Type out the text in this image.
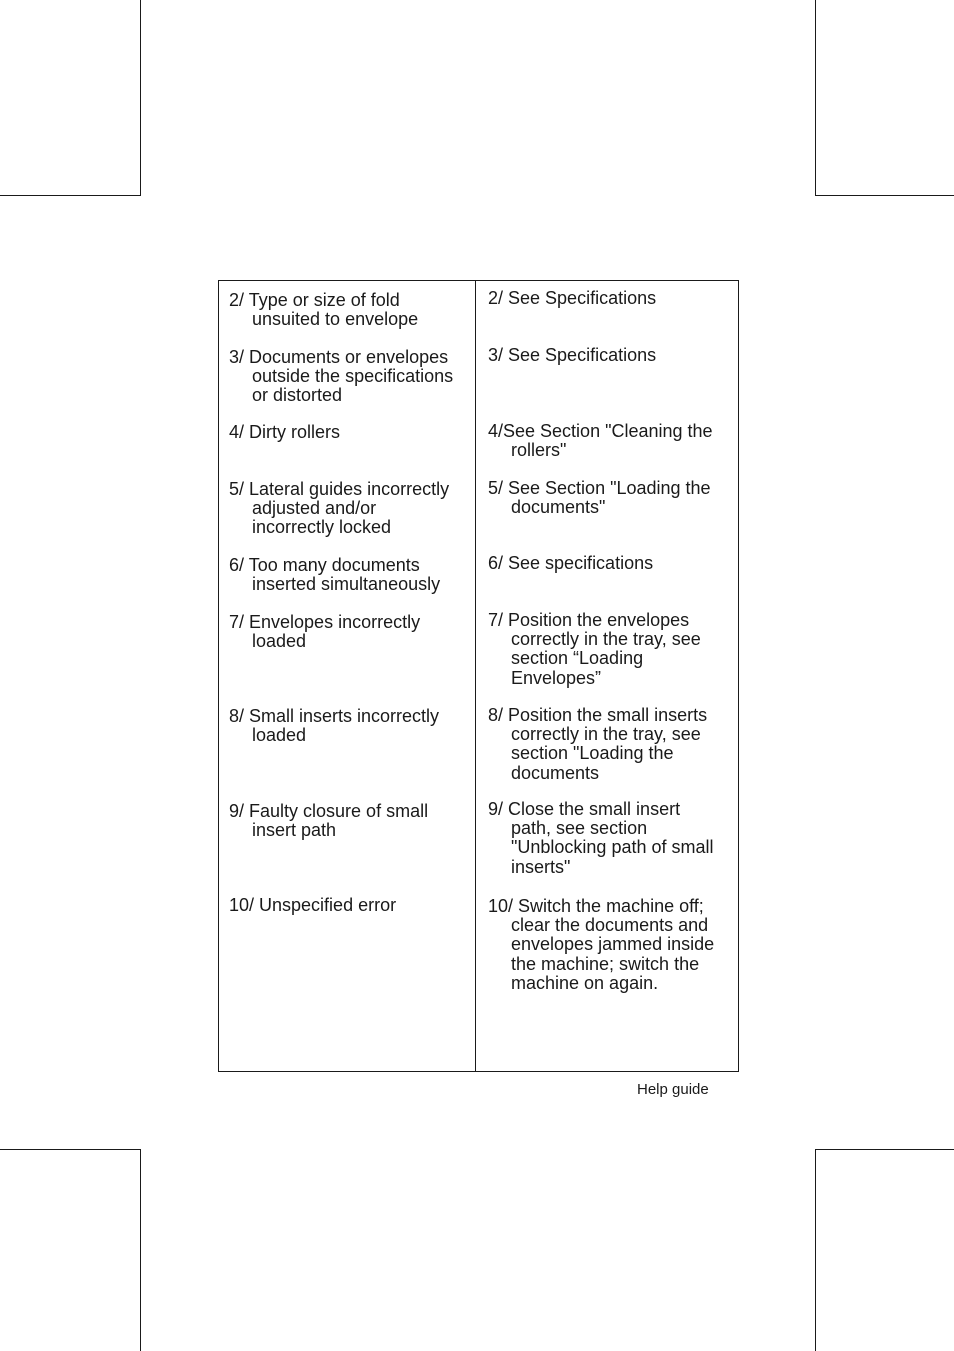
2/ Type or size of fold
unsuited to envelope
3/ Documents or envelopes
outside the specifications
or distorted
4/ Dirty rollers
5/ Lateral guides incorrectly
adjusted and/or
incorrectly locked
6/ Too many documents
inserted simultaneously
7/ Envelopes incorrectly
loaded
8/ Small inserts incorrectly
loaded
9/ Faulty closure of small
insert path
10/ Unspecified error
2/ See Specifications
3/ See Specifications
4/See Section "Cleaning the
rollers"
5/ See Section "Loading the
documents"
6/ See specifications
7/ Position the envelopes
correctly in the tray, see
section “Loading
Envelopes”
8/ Position the small inserts
correctly in the tray, see
section "Loading the
documents
9/ Close the small insert
path, see section
"Unblocking path of small
inserts"
10/ Switch the machine off;
clear the documents and
envelopes jammed inside
the machine; switch the
machine on again.
Help guide
